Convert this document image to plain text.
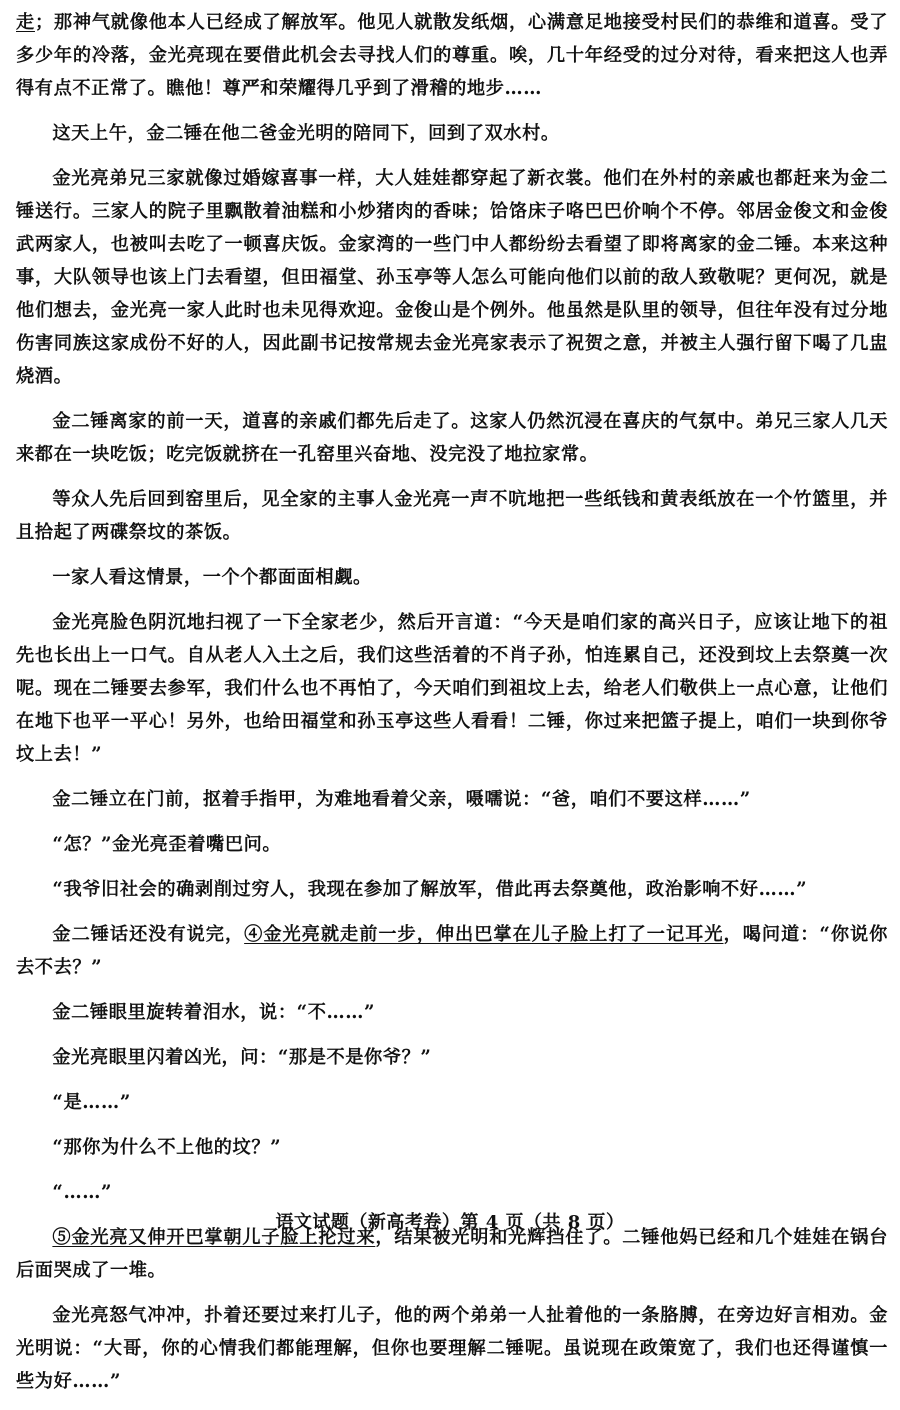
走；那神气就像他本人已经成了解放军。他见人就散发纸烟，心满意足地接受村民们的恭维和道喜。受了多少年的冷落，金光亮现在要借此机会去寻找人们的尊重。唉，几十年经受的过分对待，看来把这人也弄得有点不正常了。瞧他！尊严和荣耀得几乎到了滑稽的地步……

这天上午，金二锤在他二爸金光明的陪同下，回到了双水村。

金光亮弟兄三家就像过婚嫁喜事一样，大人娃娃都穿起了新衣裳。他们在外村的亲戚也都赶来为金二锤送行。三家人的院子里飘散着油糕和小炒猪肉的香味；饸饹床子咯巴巴价响个不停。邻居金俊文和金俊武两家人，也被叫去吃了一顿喜庆饭。金家湾的一些门中人都纷纷去看望了即将离家的金二锤。本来这种事，大队领导也该上门去看望，但田福堂、孙玉亭等人怎么可能向他们以前的敌人致敬呢？更何况，就是他们想去，金光亮一家人此时也未见得欢迎。金俊山是个例外。他虽然是队里的领导，但往年没有过分地伤害同族这家成份不好的人，因此副书记按常规去金光亮家表示了祝贺之意，并被主人强行留下喝了几盅烧酒。

金二锤离家的前一天，道喜的亲戚们都先后走了。这家人仍然沉浸在喜庆的气氛中。弟兄三家人几天来都在一块吃饭；吃完饭就挤在一孔窑里兴奋地、没完没了地拉家常。

等众人先后回到窑里后，见全家的主事人金光亮一声不吭地把一些纸钱和黄表纸放在一个竹篮里，并且拾起了两碟祭坟的茶饭。

一家人看这情景，一个个都面面相觑。

金光亮脸色阴沉地扫视了一下全家老少，然后开言道：“今天是咱们家的高兴日子，应该让地下的祖先也长出上一口气。自从老人入土之后，我们这些活着的不肖子孙，怕连累自己，还没到坟上去祭奠一次呢。现在二锤要去参军，我们什么也不再怕了，今天咱们到祖坟上去，给老人们敬供上一点心意，让他们在地下也平一平心！另外，也给田福堂和孙玉亭这些人看看！二锤，你过来把篮子提上，咱们一块到你爷坟上去！”

金二锤立在门前，抠着手指甲，为难地看着父亲，嗫嚅说：“爸，咱们不要这样……”

“怎？”金光亮歪着嘴巴问。

“我爷旧社会的确剥削过穷人，我现在参加了解放军，借此再去祭奠他，政治影响不好……”

金二锤话还没有说完，④金光亮就走前一步，伸出巴掌在儿子脸上打了一记耳光，喝问道：“你说你去不去？”

金二锤眼里旋转着泪水，说：“不……”

金光亮眼里闪着凶光，问：“那是不是你爷？”

“是……”

“那你为什么不上他的坟？”

“……”

⑤金光亮又伸开巴掌朝儿子脸上抡过来，结果被光明和光辉挡住了。二锤他妈已经和几个娃娃在锅台后面哭成了一堆。

金光亮怒气冲冲，扑着还要过来打儿子，他的两个弟弟一人扯着他的一条胳膊，在旁边好言相劝。金光明说：“大哥，你的心情我们都能理解，但你也要理解二锤呢。虽说现在政策宽了，我们也还得谨慎一些为好……”

语文试题（新高考卷）第 4 页（共 8 页）
